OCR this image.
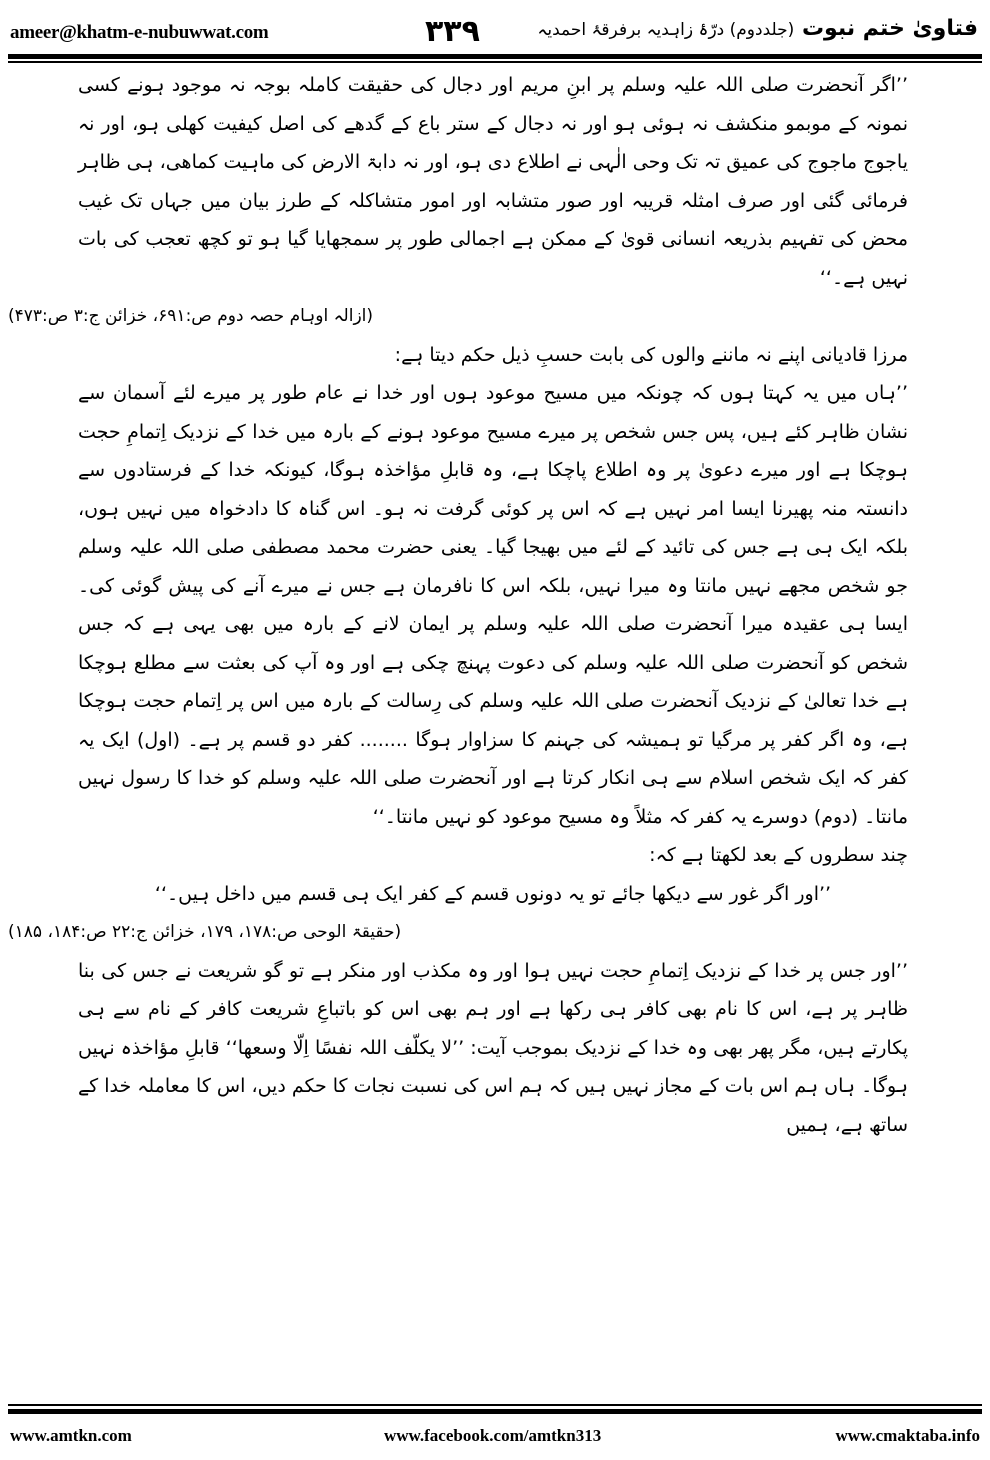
ameer@khatm-e-nubuwwat.com	۳۳۹	فتاویٰ ختم نبوت (جلددوم) درّۂ زاہدیہ برفرقۂ احمدیہ

’’اگر آنحضرت صلی اللہ علیہ وسلم پر ابنِ مریم اور دجال کی حقیقت کاملہ بوجہ نہ موجود ہونے کسی نمونہ کے موبمو منکشف نہ ہوئی ہو اور نہ دجال کے ستر باع کے گدھے کی اصل کیفیت کھلی ہو، اور نہ یاجوج ماجوج کی عمیق تہ تک وحی الٰہی نے اطلاع دی ہو، اور نہ دابۃ الارض کی ماہیت کماھی، ہی ظاہر فرمائی گئی اور صرف امثلہ قریبہ اور صور متشابہ اور امور متشاکلہ کے طرز بیان میں جہاں تک غیب محض کی تفہیم بذریعہ انسانی قویٰ کے ممکن ہے اجمالی طور پر سمجھایا گیا ہو تو کچھ تعجب کی بات نہیں ہے۔‘‘

(ازالہ اوہام حصہ دوم ص:۶۹۱، خزائن ج:۳ ص:۴۷۳)

مرزا قادیانی اپنے نہ ماننے والوں کی بابت حسبِ ذیل حکم دیتا ہے:

’’ہاں میں یہ کہتا ہوں کہ چونکہ میں مسیح موعود ہوں اور خدا نے عام طور پر میرے لئے آسمان سے نشان ظاہر کئے ہیں، پس جس شخص پر میرے مسیح موعود ہونے کے بارہ میں خدا کے نزدیک اِتمامِ حجت ہوچکا ہے اور میرے دعویٰ پر وہ اطلاع پاچکا ہے، وہ قابلِ مؤاخذہ ہوگا، کیونکہ خدا کے فرستادوں سے دانستہ منہ پھیرنا ایسا امر نہیں ہے کہ اس پر کوئی گرفت نہ ہو۔ اس گناہ کا دادخواہ میں نہیں ہوں، بلکہ ایک ہی ہے جس کی تائید کے لئے میں بھیجا گیا۔ یعنی حضرت محمد مصطفی صلی اللہ علیہ وسلم جو شخص مجھے نہیں مانتا وہ میرا نہیں، بلکہ اس کا نافرمان ہے جس نے میرے آنے کی پیش گوئی کی۔ ایسا ہی عقیدہ میرا آنحضرت صلی اللہ علیہ وسلم پر ایمان لانے کے بارہ میں بھی یہی ہے کہ جس شخص کو آنحضرت صلی اللہ علیہ وسلم کی دعوت پہنچ چکی ہے اور وہ آپ کی بعثت سے مطلع ہوچکا ہے خدا تعالیٰ کے نزدیک آنحضرت صلی اللہ علیہ وسلم کی رِسالت کے بارہ میں اس پر اِتمام حجت ہوچکا ہے، وہ اگر کفر پر مرگیا تو ہمیشہ کی جہنم کا سزاوار ہوگا ........ کفر دو قسم پر ہے۔ (اول) ایک یہ کفر کہ ایک شخص اسلام سے ہی انکار کرتا ہے اور آنحضرت صلی اللہ علیہ وسلم کو خدا کا رسول نہیں مانتا۔ (دوم) دوسرے یہ کفر کہ مثلاً وہ مسیح موعود کو نہیں مانتا۔‘‘

چند سطروں کے بعد لکھتا ہے کہ:

’’اور اگر غور سے دیکھا جائے تو یہ دونوں قسم کے کفر ایک ہی قسم میں داخل ہیں۔‘‘

(حقیقۃ الوحی ص:۱۷۸، ۱۷۹، خزائن ج:۲۲ ص:۱۸۴، ۱۸۵)

’’اور جس پر خدا کے نزدیک اِتمامِ حجت نہیں ہوا اور وہ مکذب اور منکر ہے تو گو شریعت نے جس کی بنا ظاہر پر ہے، اس کا نام بھی کافر ہی رکھا ہے اور ہم بھی اس کو باتباعِ شریعت کافر کے نام سے ہی پکارتے ہیں، مگر پھر بھی وہ خدا کے نزدیک بموجب آیت: ’’لا یکلّف اللہ نفسًا اِلّا وسعھا‘‘ قابلِ مؤاخذہ نہیں ہوگا۔ ہاں ہم اس بات کے مجاز نہیں ہیں کہ ہم اس کی نسبت نجات کا حکم دیں، اس کا معاملہ خدا کے ساتھ ہے، ہمیں

www.amtkn.com	www.facebook.com/amtkn313	www.cmaktaba.info
